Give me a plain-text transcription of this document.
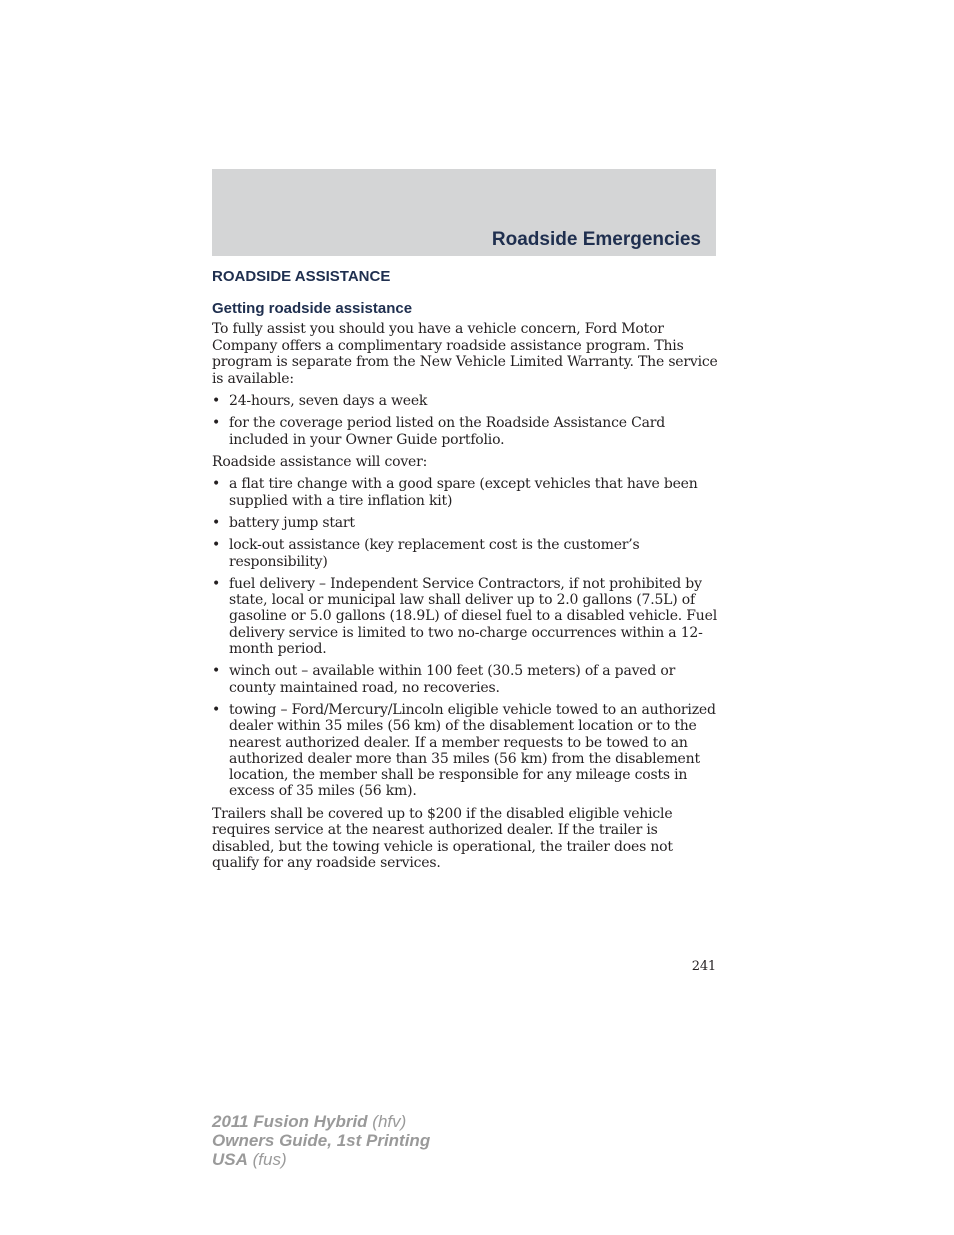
Roadside Emergencies
ROADSIDE ASSISTANCE
Getting roadside assistance

To fully assist you should you have a vehicle concern, Ford Motor Company offers a complimentary roadside assistance program. This program is separate from the New Vehicle Limited Warranty. The service is available:

• 24-hours, seven days a week
• for the coverage period listed on the Roadside Assistance Card included in your Owner Guide portfolio.

Roadside assistance will cover:

• a flat tire change with a good spare (except vehicles that have been supplied with a tire inflation kit)
• battery jump start
• lock-out assistance (key replacement cost is the customer’s responsibility)
• fuel delivery – Independent Service Contractors, if not prohibited by state, local or municipal law shall deliver up to 2.0 gallons (7.5L) of gasoline or 5.0 gallons (18.9L) of diesel fuel to a disabled vehicle. Fuel delivery service is limited to two no-charge occurrences within a 12-month period.
• winch out – available within 100 feet (30.5 meters) of a paved or county maintained road, no recoveries.
• towing – Ford/Mercury/Lincoln eligible vehicle towed to an authorized dealer within 35 miles (56 km) of the disablement location or to the nearest authorized dealer. If a member requests to be towed to an authorized dealer more than 35 miles (56 km) from the disablement location, the member shall be responsible for any mileage costs in excess of 35 miles (56 km).

Trailers shall be covered up to $200 if the disabled eligible vehicle requires service at the nearest authorized dealer. If the trailer is disabled, but the towing vehicle is operational, the trailer does not qualify for any roadside services.

241

2011 Fusion Hybrid (hfv)
Owners Guide, 1st Printing
USA (fus)
